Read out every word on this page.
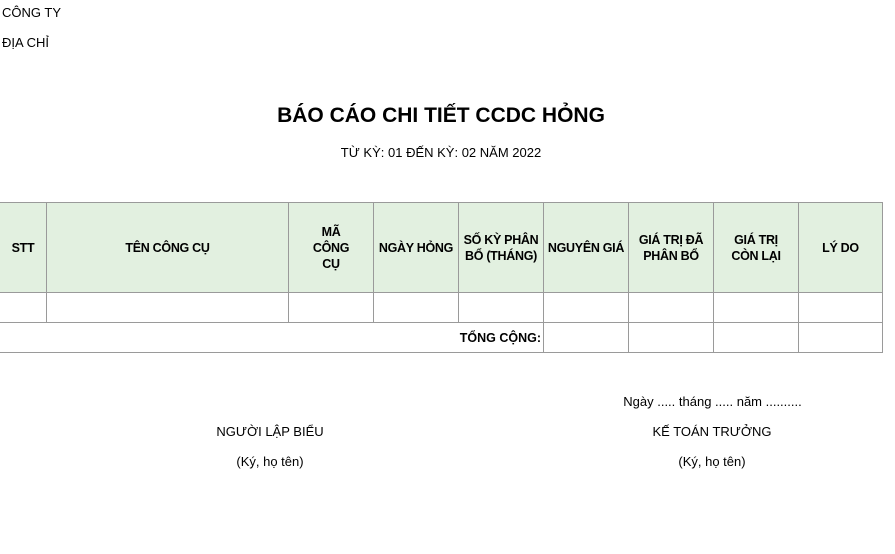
CÔNG TY
ĐỊA CHỈ
BÁO CÁO CHI TIẾT CCDC HỎNG
TỪ KỲ: 01 ĐẾN KỲ: 02 NĂM 2022
STT	TÊN CÔNG CỤ	MÃ CÔNG CỤ	NGÀY HỎNG	SỐ KỲ PHÂN BỔ (THÁNG)	NGUYÊN GIÁ	GIÁ TRỊ ĐÃ PHÂN BỔ	GIÁ TRỊ CÒN LẠI	LÝ DO

TỔNG CỘNG:								
Ngày ..... tháng ..... năm ..........
NGƯỜI LẬP BIỂU
(Ký, họ tên)
KẾ TOÁN TRƯỞNG
(Ký, họ tên)
